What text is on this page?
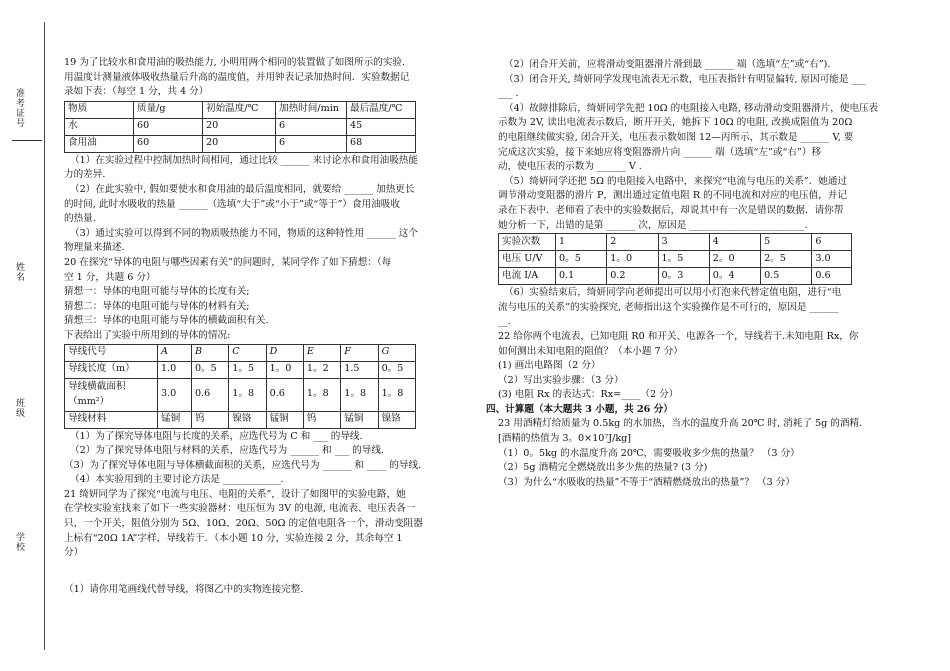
准考证号
姓名
班级
学校

19 为了比较水和食用油的吸热能力, 小明用两个相同的装置做了如图所示的实验.

用温度计测量液体吸收热量后升高的温度值，并用钟表记录加热时间．实验数据记

录如下表：（每空 1 分，共 4 分）

物质	质量/g	初始温度/℃	加热时间/min	最后温度/℃
水	60	20	6	45
食用油	60	20	6	68

（1）在实验过程中控制加热时间相同，通过比较 ______ 来讨论水和食用油吸热能

力的差异．

（2）在此实验中, 假如要使水和食用油的最后温度相同，就要给 ______ 加热更长

的时间, 此时水吸收的热量 ______（选填“大于”或“小于”或“等于”）食用油吸收

的热量.

（3）通过实验可以得到不同的物质吸热能力不同，物质的这种特性用 ______ 这个

物理量来描述.

20 在探究“导体的电阻与哪些因素有关”的问题时，某同学作了如下猜想：（每

空 1 分，共题 6 分）

猜想一：导体的电阻可能与导体的长度有关;

猜想二：导体的电阻可能与导体的材料有关;

猜想三：导体的电阻可能与导体的横截面积有关.

下表给出了实验中所用到的导体的情况:

导线代号	A	B	C	D	E	F	G
导线长度（m）	1.0	0。5	1。5	1。0	1。2	1.5	0。5
导线横截面积（mm²）	3.0	0.6	1。8	0.6	1。8	1。8	1。8
导线材料	锰铜	钨	镍铬	锰铜	钨	锰铜	镍铬

（1）为了探究导体电阻与长度的关系，应选代号为 C 和 ___ 的导线.

（2）为了探究导体电阻与材料的关系，应选代号为 ______ 和 ___ 的导线.

（3）为了探究导体电阻与导体横截面积的关系，应选代号为 ______ 和 ____ 的导线.

（4）本实验用到的主要讨论方法是 ____________.

21 绮妍同学为了探究“电流与电压、电阻的关系”，设计了如图甲的实验电路，她

在学校实验室找来了如下一些实验器材：电压恒为 3V 的电源, 电流表、电压表各一

只，一个开关，阻值分别为 5Ω、10Ω、20Ω、50Ω 的定值电阻各一个，滑动变阻器

上标有“20Ω 1A”字样，导线若干．（本小题 10 分，实验连接 2 分，其余每空 1

分）

（1）请你用笔画线代替导线，将图乙中的实物连接完整.

（2）闭合开关前，应将滑动变阻器滑片滑到最 ______ 端（选填“左”或“右”).

（3）闭合开关, 绮妍同学发现电流表无示数，电压表指针有明显偏转, 原因可能是 ___

___ .

（4）故障排除后，绮妍同学先把 10Ω 的电阻接入电路, 移动滑动变阻器滑片，使电压表

示数为 2V, 读出电流表示数后，断开开关，她拆下 10Ω 的电阻, 改换成阻值为 20Ω

的电阻继续做实验, 闭合开关，电压表示数如图 12—丙所示，其示数是 ______ V, 要

完成这次实验，接下来她应将变阻器滑片向 ______ 端（选填“左”或“右”）移

动，使电压表的示数为 ______ V .

（5）绮妍同学还把 5Ω 的电阻接入电路中，来探究“电流与电压的关系”．她通过

调节滑动变阻器的滑片 P，测出通过定值电阻 R 的不同电流和对应的电压值，并记

录在下表中．老师看了表中的实验数据后，却说其中有一次是错误的数据．请你帮

她分析一下，出错的是第 ______ 次，原因是 ________________________.

实验次数	1	2	3	4	5	6
电压 U/V	0。5	1。0	1。5	2。0	2。5	3.0
电流 I/A	0.1	0.2	0。3	0。4	0.5	0.6

（6）实验结束后，绮妍同学向老师提出可以用小灯泡来代替定值电阻，进行“电

流与电压的关系”的实验探究, 老师指出这个实验操作是不可行的，原因是 ______

__.

22 给你两个电流表，已知电阻 R0 和开关、电源各一个，导线若干.未知电阻 Rx，你

如何测出未知电阻的阻值？（本小题 7 分）

(1) 画出电路图（2 分）

（2）写出实验步骤：（3 分）

(3) 电阻 Rx 的表达式：Rx=____（2 分）

四、计算题（本大题共 3 小题，共 26 分）

23 用酒精灯给质量为 0.5kg 的水加热，当水的温度升高 20℃ 时, 消耗了 5g 的酒精．

[酒精的热值为 3。0×10⁷J/kg]

（1）0。5kg 的水温度升高 20℃，需要吸收多少焦的热量？ （3 分）

（2）5g 酒精完全燃烧放出多少焦的热量? (3 分)

（3）为什么“水吸收的热量”不等于“酒精燃烧放出的热量”？ （3 分）
